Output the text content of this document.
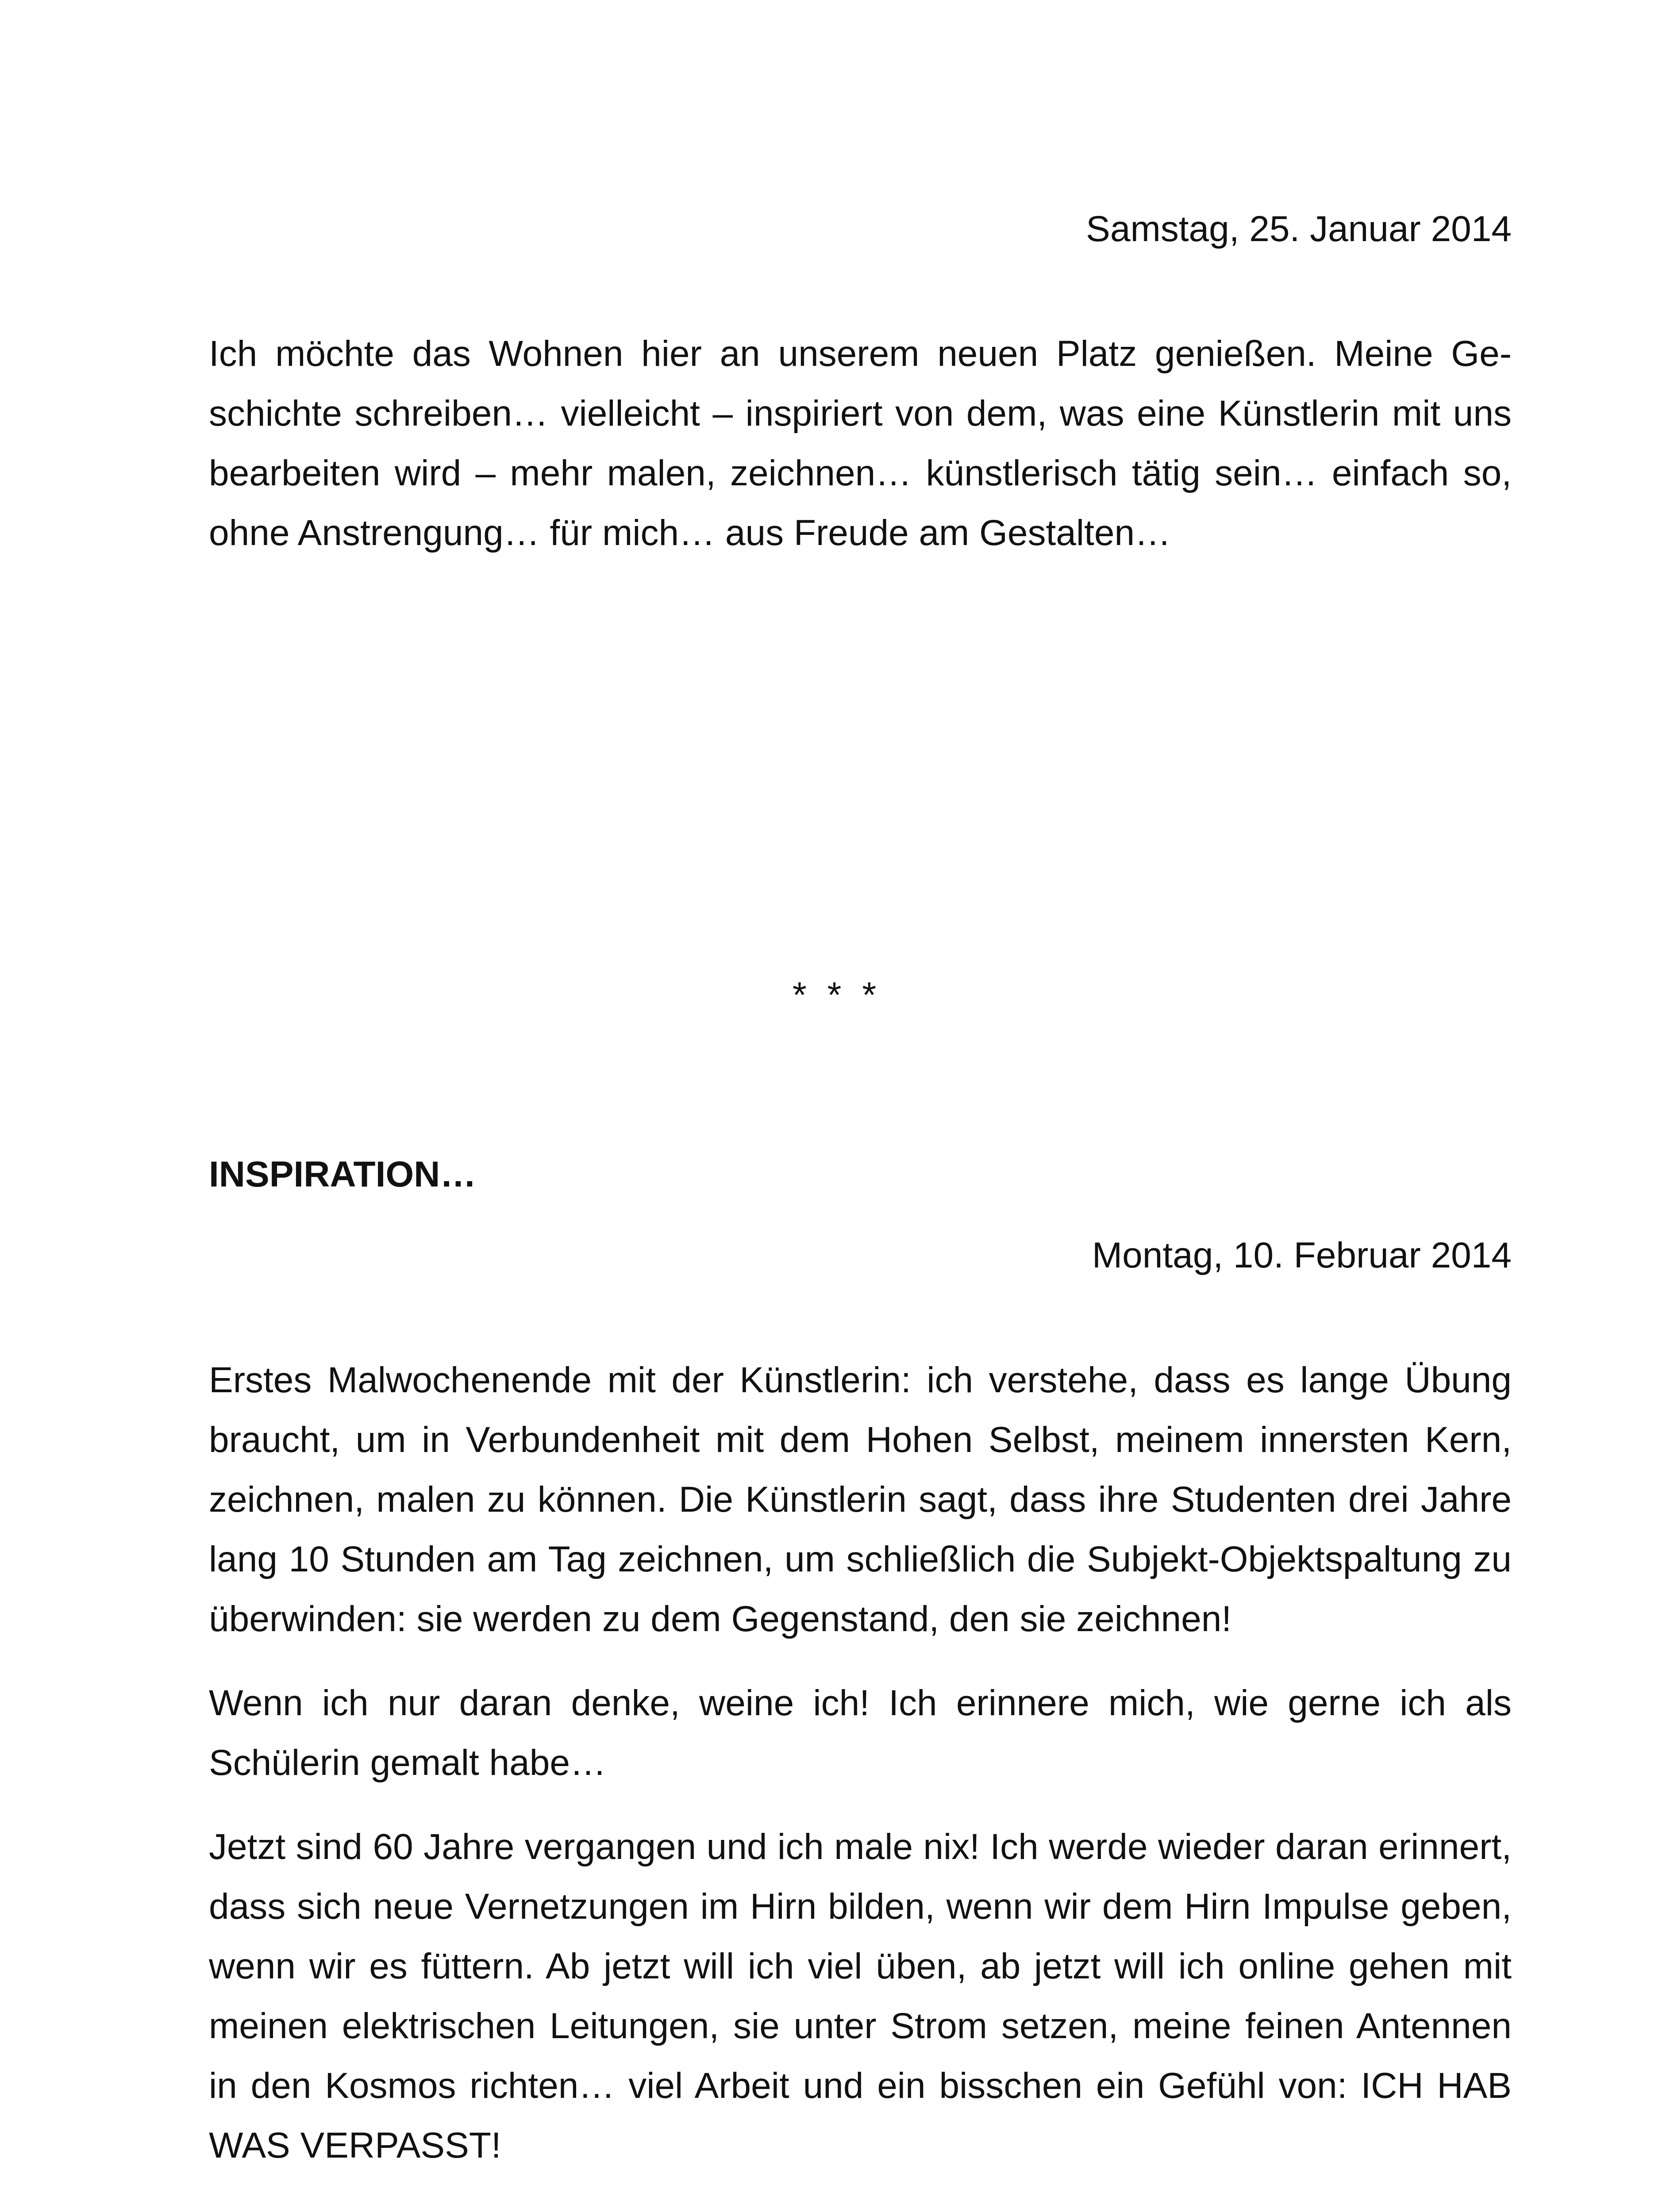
Samstag, 25. Januar 2014

Ich möchte das Wohnen hier an unserem neuen Platz genießen. Meine Geschichte schreiben… vielleicht – inspiriert von dem, was eine Künstlerin mit uns bearbeiten wird – mehr malen, zeichnen… künstlerisch tätig sein… einfach so, ohne Anstrengung… für mich… aus Freude am Gestalten…

* * *
INSPIRATION…
Montag, 10. Februar 2014

Erstes Malwochenende mit der Künstlerin: ich verstehe, dass es lange Übung braucht, um in Verbundenheit mit dem Hohen Selbst, meinem innersten Kern, zeichnen, malen zu können. Die Künstlerin sagt, dass ihre Studenten drei Jahre lang 10 Stunden am Tag zeichnen, um schließlich die Subjekt-Objektspaltung zu überwinden: sie werden zu dem Gegenstand, den sie zeichnen!

Wenn ich nur daran denke, weine ich! Ich erinnere mich, wie gerne ich als Schülerin gemalt habe…

Jetzt sind 60 Jahre vergangen und ich male nix! Ich werde wieder daran erinnert, dass sich neue Vernetzungen im Hirn bilden, wenn wir dem Hirn Impulse geben, wenn wir es füttern. Ab jetzt will ich viel üben, ab jetzt will ich online gehen mit meinen elektrischen Leitungen, sie unter Strom setzen, meine feinen Antennen in den Kosmos richten… viel Arbeit und ein bisschen ein Gefühl von: ICH HAB WAS VERPASST!
